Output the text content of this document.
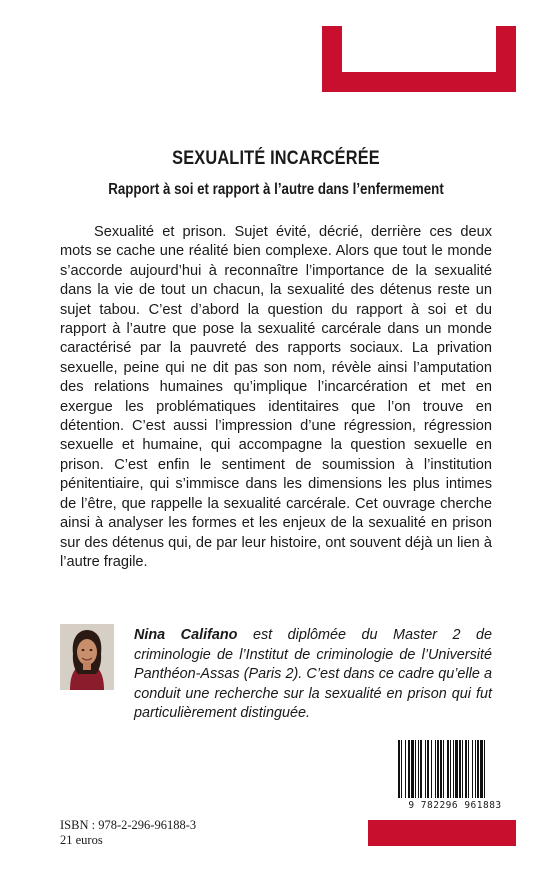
SEXUALITÉ INCARCÉRÉE
Rapport à soi et rapport à l’autre dans l’enfermement

Sexualité et prison. Sujet évité, décrié, derrière ces deux mots se cache une réalité bien complexe. Alors que tout le monde s’accorde aujourd’hui à reconnaître l’importance de la sexualité dans la vie de tout un chacun, la sexualité des détenus reste un sujet tabou. C’est d’abord la question du rapport à soi et du rapport à l’autre que pose la sexualité carcérale dans un monde caractérisé par la pauvreté des rapports sociaux. La privation sexuelle, peine qui ne dit pas son nom, révèle ainsi l’amputation des relations humaines qu’implique l’incarcération et met en exergue les problématiques identitaires que l’on trouve en détention. C’est aussi l’impression d’une régression, régression sexuelle et humaine, qui accompagne la question sexuelle en prison. C’est enfin le sentiment de soumission à l’institution pénitentiaire, qui s’immisce dans les dimensions les plus intimes de l’être, que rappelle la sexualité carcérale. Cet ouvrage cherche ainsi à analyser les formes et les enjeux de la sexualité en prison sur des détenus qui, de par leur histoire, ont souvent déjà un lien à l’autre fragile.

Nina Califano est diplômée du Master 2 de criminologie de l’Institut de criminologie de l’Université Panthéon-Assas (Paris 2). C’est dans ce cadre qu’elle a conduit une recherche sur la sexualité en prison qui fut particulièrement distinguée.

9 782296 961883
ISBN : 978-2-296-96188-3
21 euros
